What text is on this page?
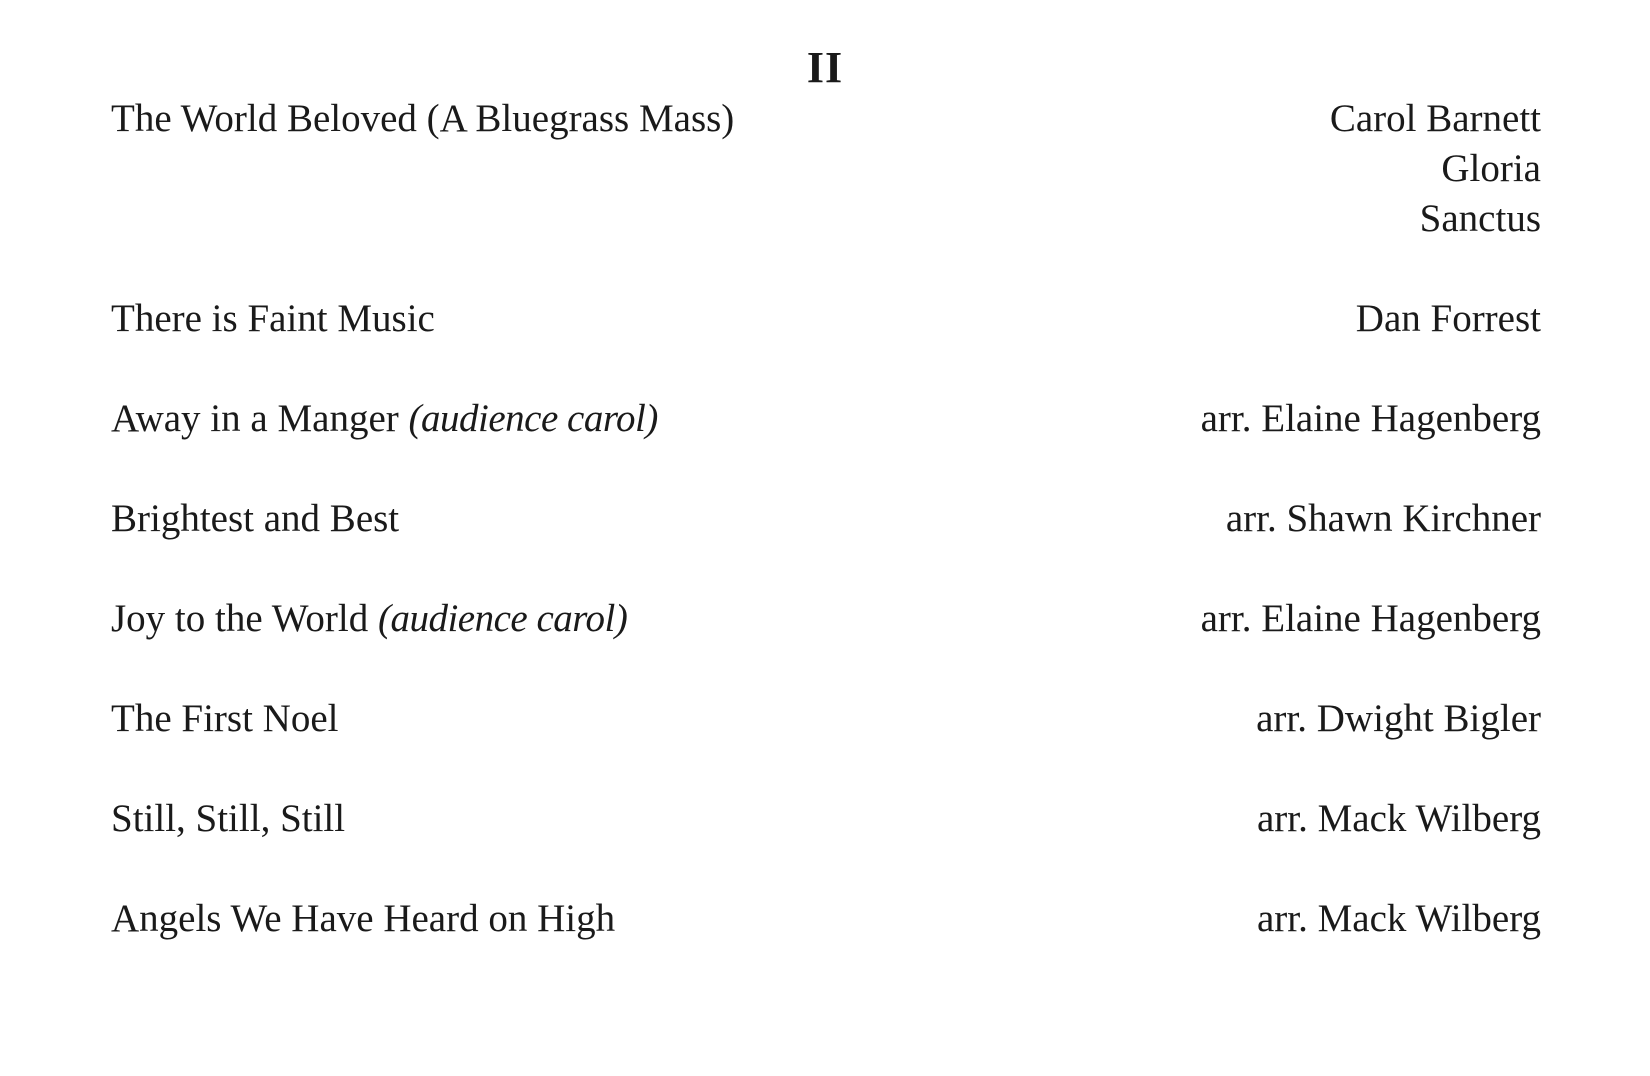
II
The World Beloved (A Bluegrass Mass)	Carol Barnett
Gloria
Sanctus
There is Faint Music	Dan Forrest
Away in a Manger (audience carol)	arr. Elaine Hagenberg
Brightest and Best	arr. Shawn Kirchner
Joy to the World (audience carol)	arr. Elaine Hagenberg
The First Noel	arr. Dwight Bigler
Still, Still, Still	arr. Mack Wilberg
Angels We Have Heard on High	arr. Mack Wilberg
